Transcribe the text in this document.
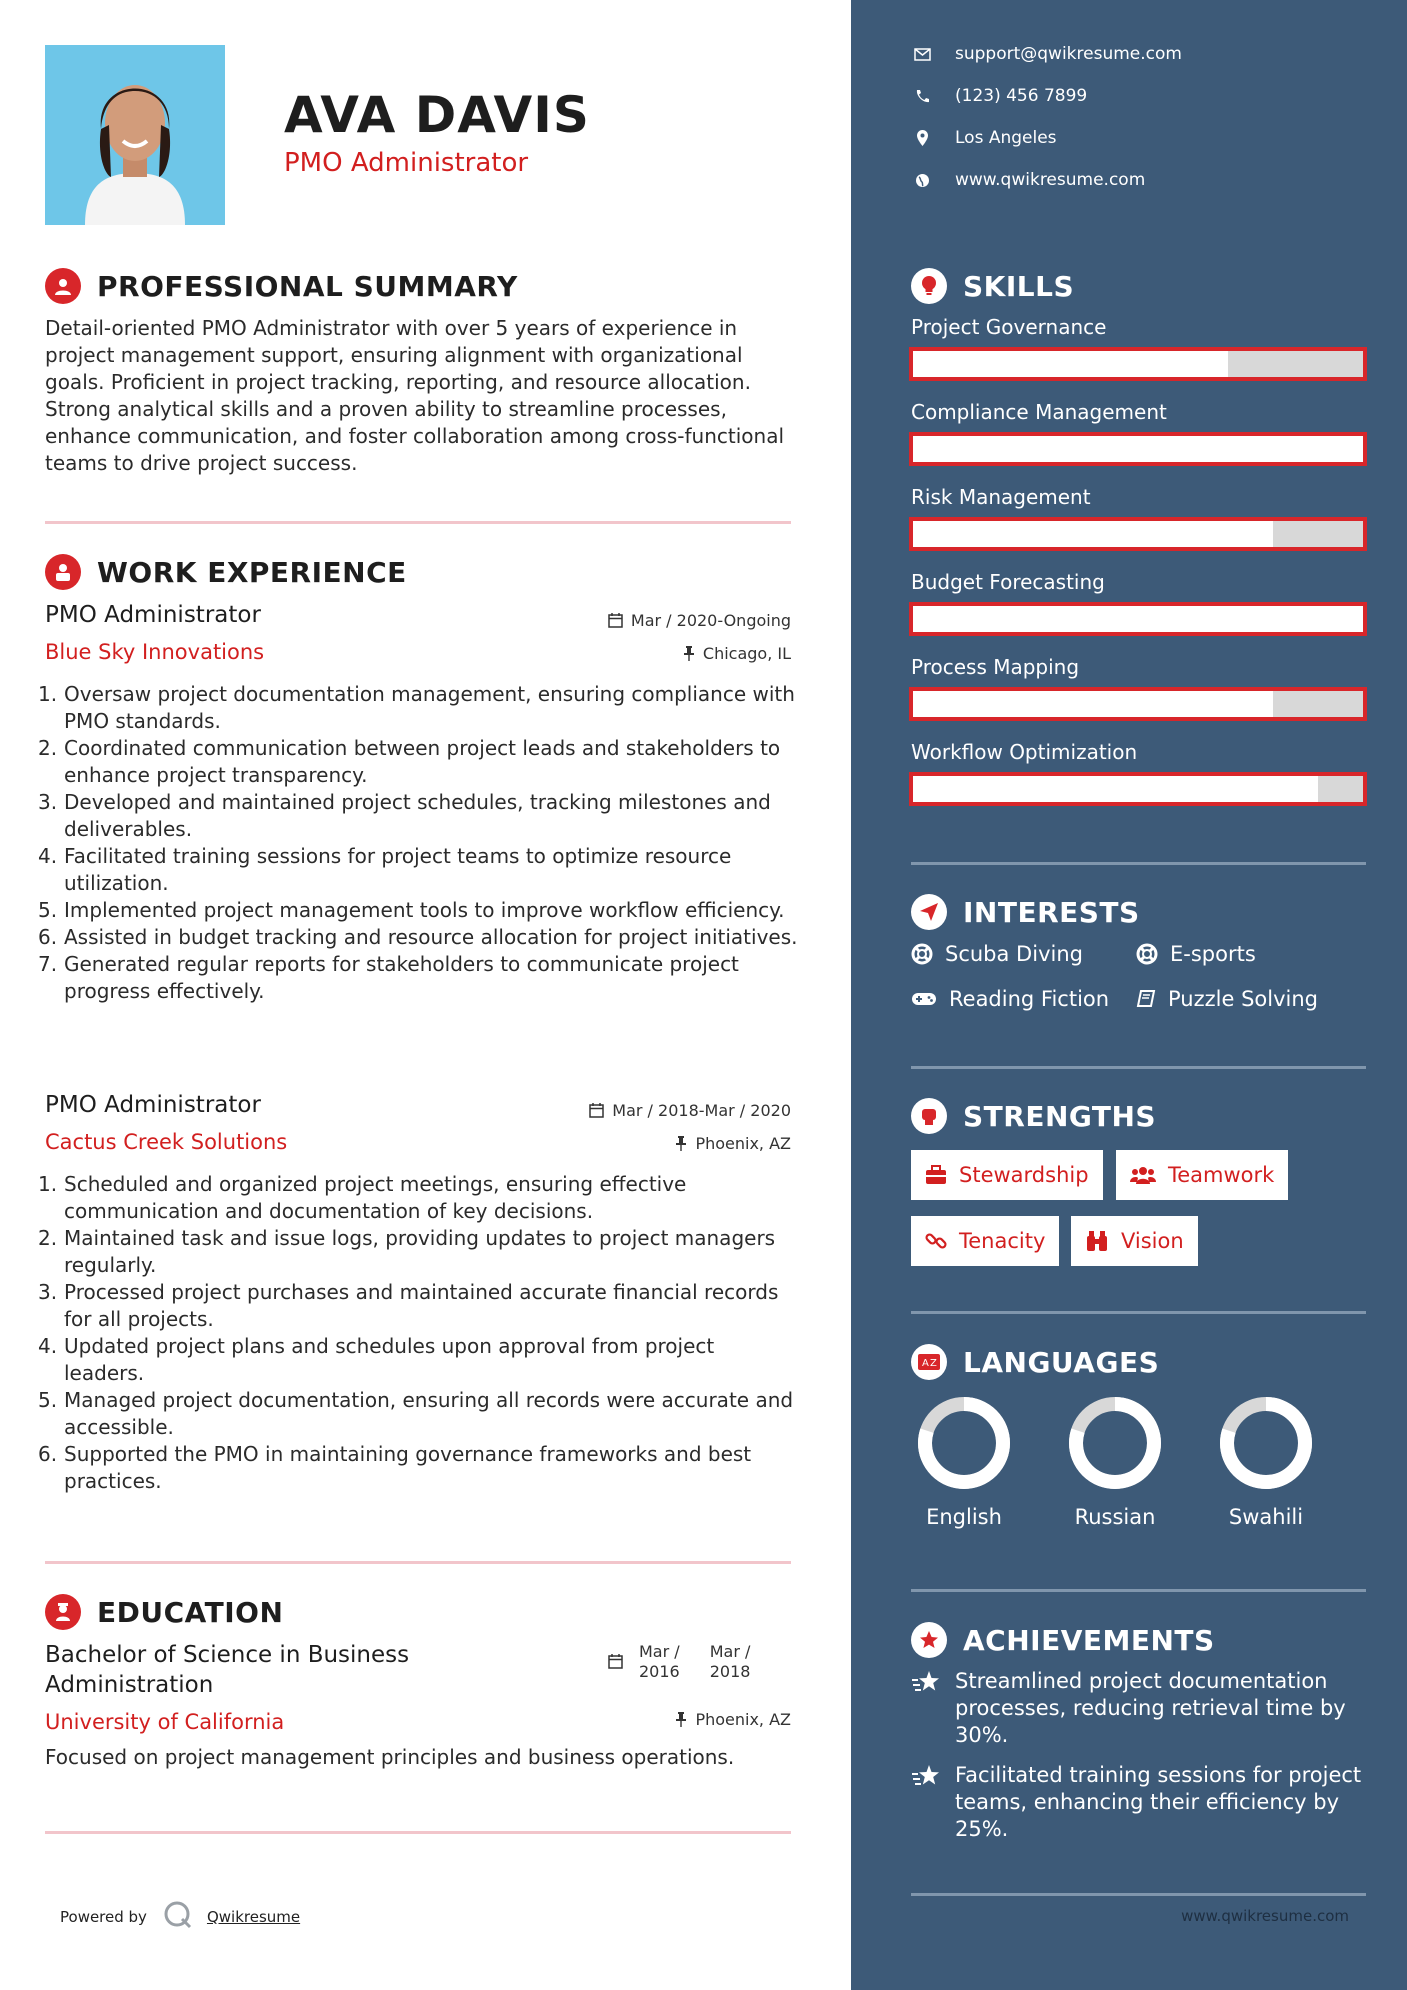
AVA DAVIS
PMO Administrator
PROFESSIONAL SUMMARY
Detail-oriented PMO Administrator with over 5 years of experience in project management support, ensuring alignment with organizational goals. Proficient in project tracking, reporting, and resource allocation. Strong analytical skills and a proven ability to streamline processes, enhance communication, and foster collaboration among cross-functional teams to drive project success.
WORK EXPERIENCE
PMO Administrator	Mar / 2020-Ongoing
Blue Sky Innovations	Chicago, IL
1. Oversaw project documentation management, ensuring compliance with PMO standards.
2. Coordinated communication between project leads and stakeholders to enhance project transparency.
3. Developed and maintained project schedules, tracking milestones and deliverables.
4. Facilitated training sessions for project teams to optimize resource utilization.
5. Implemented project management tools to improve workflow efficiency.
6. Assisted in budget tracking and resource allocation for project initiatives.
7. Generated regular reports for stakeholders to communicate project progress effectively.
PMO Administrator	Mar / 2018-Mar / 2020
Cactus Creek Solutions	Phoenix, AZ
1. Scheduled and organized project meetings, ensuring effective communication and documentation of key decisions.
2. Maintained task and issue logs, providing updates to project managers regularly.
3. Processed project purchases and maintained accurate financial records for all projects.
4. Updated project plans and schedules upon approval from project leaders.
5. Managed project documentation, ensuring all records were accurate and accessible.
6. Supported the PMO in maintaining governance frameworks and best practices.
EDUCATION
Bachelor of Science in Business Administration
Mar /
2016
Mar /
2018
University of California	Phoenix, AZ
Focused on project management principles and business operations.
Powered by	Qwikresume
support@qwikresume.com
(123) 456 7899
Los Angeles
www.qwikresume.com
SKILLS
Project Governance
Compliance Management
Risk Management
Budget Forecasting
Process Mapping
Workflow Optimization
INTERESTS
Scuba Diving	E-sports
Reading Fiction	Puzzle Solving
STRENGTHS
Stewardship	Teamwork
Tenacity	Vision
A Z LANGUAGES
English	Russian	Swahili
ACHIEVEMENTS
Streamlined project documentation processes, reducing retrieval time by 30%.
Facilitated training sessions for project teams, enhancing their efficiency by 25%.
www.qwikresume.com
